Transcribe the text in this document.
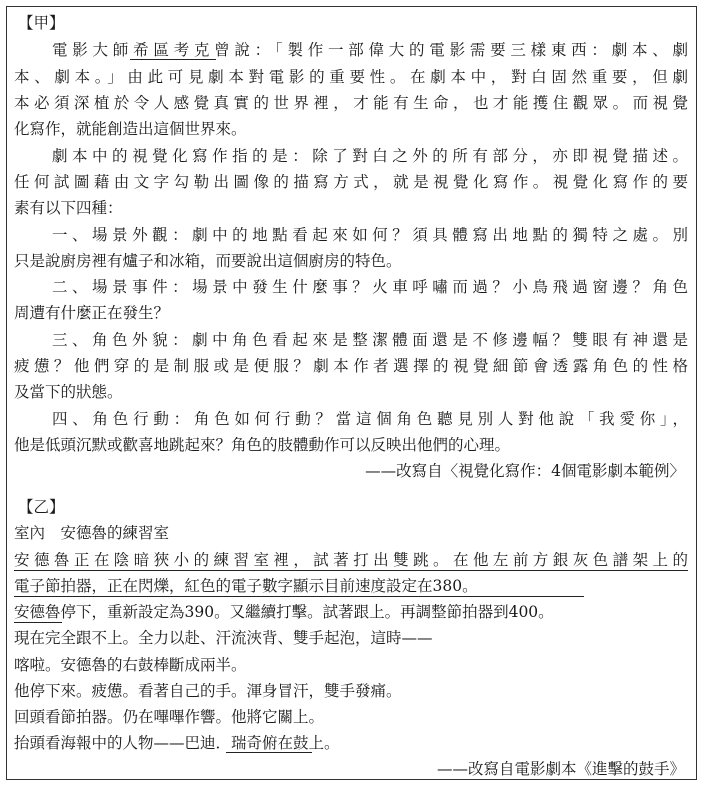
【甲】
電影大師希區考克曾說：「製作一部偉大的電影需要三樣東西：劇本、劇
本、劇本。」由此可見劇本對電影的重要性。在劇本中，對白固然重要，但劇
本必須深植於令人感覺真實的世界裡，才能有生命，也才能擭住觀眾。而視覺
化寫作，就能創造出這個世界來。
劇本中的視覺化寫作指的是：除了對白之外的所有部分，亦即視覺描述。
任何試圖藉由文字勾勒出圖像的描寫方式，就是視覺化寫作。視覺化寫作的要
素有以下四種：
一、場景外觀：劇中的地點看起來如何？須具體寫出地點的獨特之處。別
只是說廚房裡有爐子和冰箱，而要說出這個廚房的特色。
二、場景事件：場景中發生什麼事？火車呼嘯而過？小鳥飛過窗邊？角色
周遭有什麼正在發生？
三、角色外貌：劇中角色看起來是整潔體面還是不修邊幅？雙眼有神還是
疲憊？他們穿的是制服或是便服？劇本作者選擇的視覺細節會透露角色的性格
及當下的狀態。
四、角色行動：角色如何行動？當這個角色聽見別人對他說「我愛你」，
他是低頭沉默或歡喜地跳起來？角色的肢體動作可以反映出他們的心理。
——改寫自〈視覺化寫作：4個電影劇本範例〉
【乙】
室內　安德魯的練習室
安德魯正在陰暗狹小的練習室裡，試著打出雙跳。在他左前方銀灰色譜架上的
電子節拍器，正在閃爍，紅色的電子數字顯示目前速度設定在380。
安德魯停下，重新設定為390。又繼續打擊。試著跟上。再調整節拍器到400。
現在完全跟不上。全力以赴、汗流浹背、雙手起泡，這時——
喀啦。安德魯的右鼓棒斷成兩半。
他停下來。疲憊。看著自己的手。渾身冒汗，雙手發痛。
回頭看節拍器。仍在嗶嗶作響。他將它關上。
抬頭看海報中的人物——巴迪．瑞奇俯在鼓上。
——改寫自電影劇本《進擊的鼓手》
